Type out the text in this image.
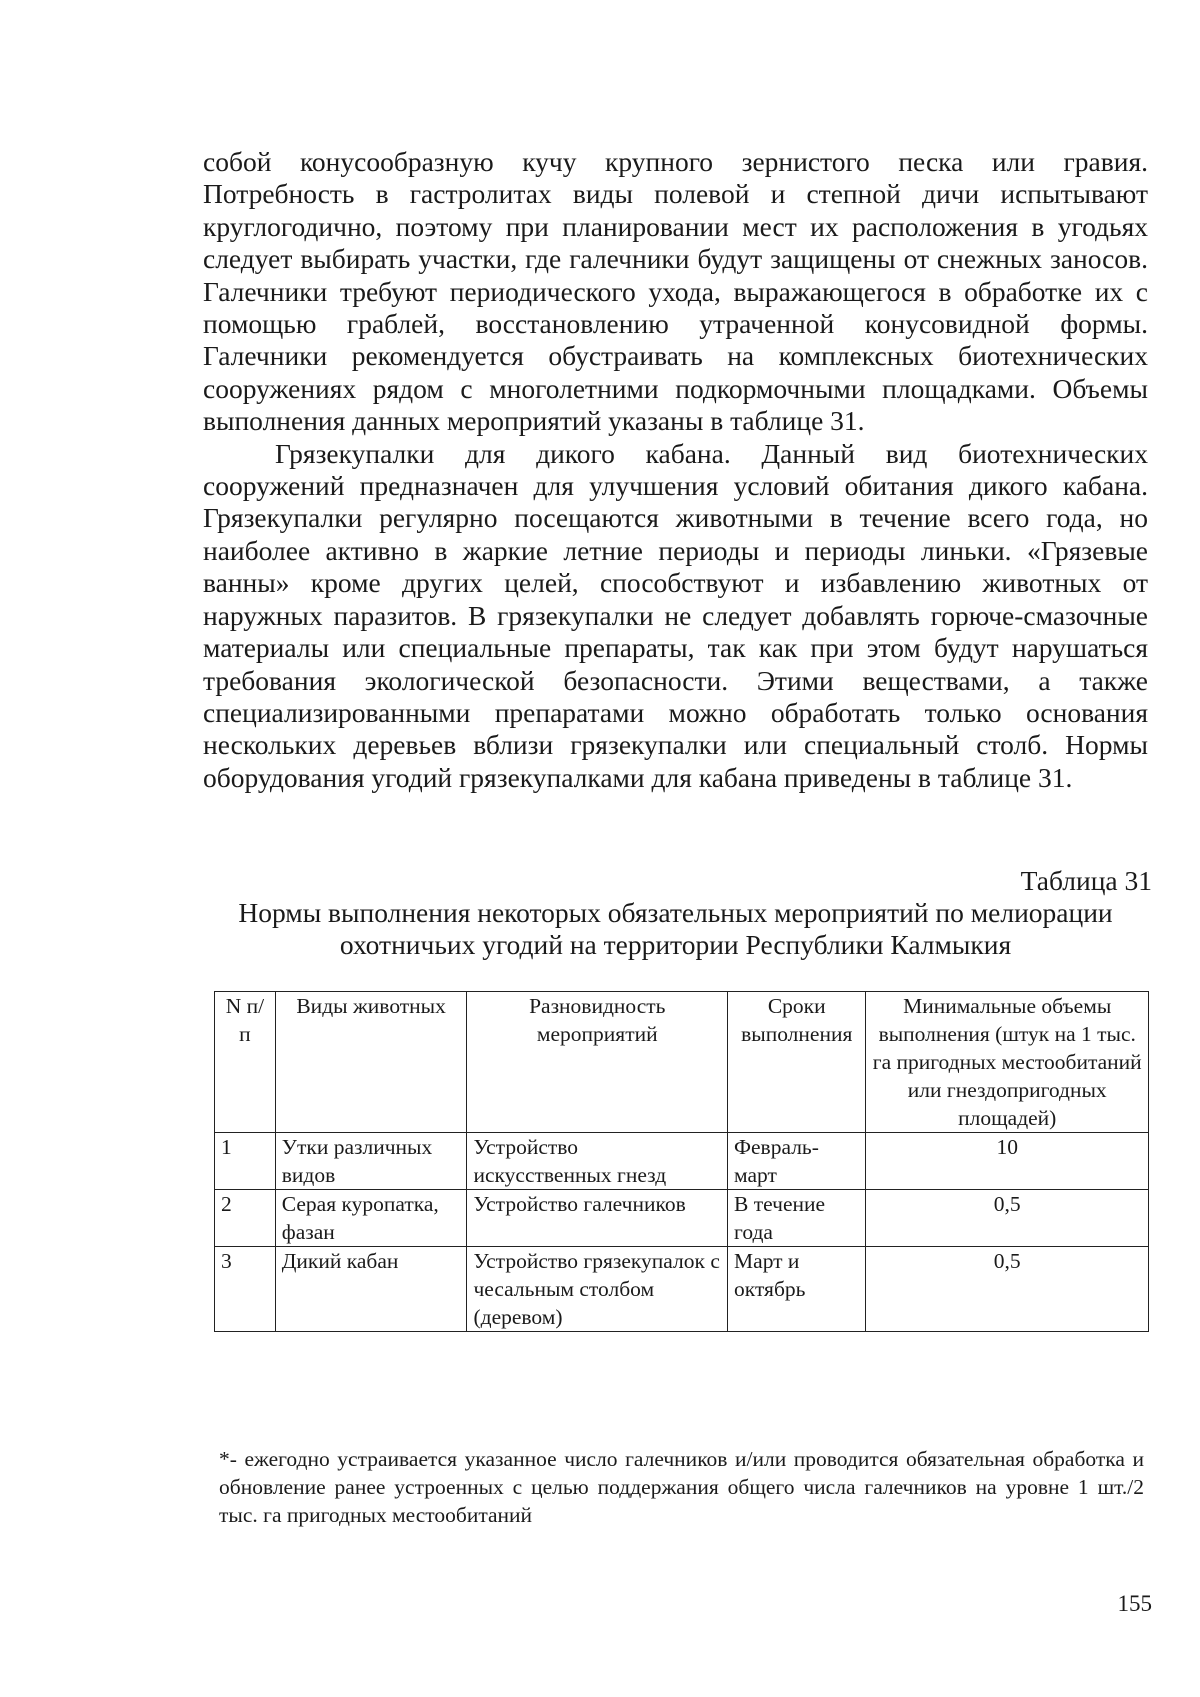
собой конусообразную кучу крупного зернистого песка или гравия. Потребность в гастролитах виды полевой и степной дичи испытывают круглогодично, поэтому при планировании мест их расположения в угодьях следует выбирать участки, где галечники будут защищены от снежных заносов. Галечники требуют периодического ухода, выражающегося в обработке их с помощью граблей, восстановлению утраченной конусовидной формы. Галечники рекомендуется обустраивать на комплексных биотехнических сооружениях рядом с многолетними подкормочными площадками. Объемы выполнения данных мероприятий указаны в таблице 31.

Грязекупалки для дикого кабана. Данный вид биотехнических сооружений предназначен для улучшения условий обитания дикого кабана. Грязекупалки регулярно посещаются животными в течение всего года, но наиболее активно в жаркие летние периоды и периоды линьки. «Грязевые ванны» кроме других целей, способствуют и избавлению животных от наружных паразитов. В грязекупалки не следует добавлять горюче-смазочные материалы или специальные препараты, так как при этом будут нарушаться требования экологической безопасности. Этими веществами, а также специализированными препаратами можно обработать только основания нескольких деревьев вблизи грязекупалки или специальный столб. Нормы оборудования угодий грязекупалками для кабана приведены в таблице 31.

Таблица 31
Нормы выполнения некоторых обязательных мероприятий по мелиорации
охотничьих угодий на территории Республики Калмыкия
N п/п	Виды животных	Разновидность мероприятий	Сроки выполнения	Минимальные объемы выполнения (штук на 1 тыс. га пригодных местообитаний или гнездопригодных площадей)
1	Утки различных видов	Устройство искусственных гнезд	Февраль-март	10
2	Серая куропатка, фазан	Устройство галечников	В течение года	0,5
3	Дикий кабан	Устройство грязекупалок с чесальным столбом (деревом)	Март и октябрь	0,5
*- ежегодно устраивается указанное число галечников и/или проводится обязательная обработка и обновление ранее устроенных с целью поддержания общего числа галечников на уровне 1 шт./2 тыс. га пригодных местообитаний
155
